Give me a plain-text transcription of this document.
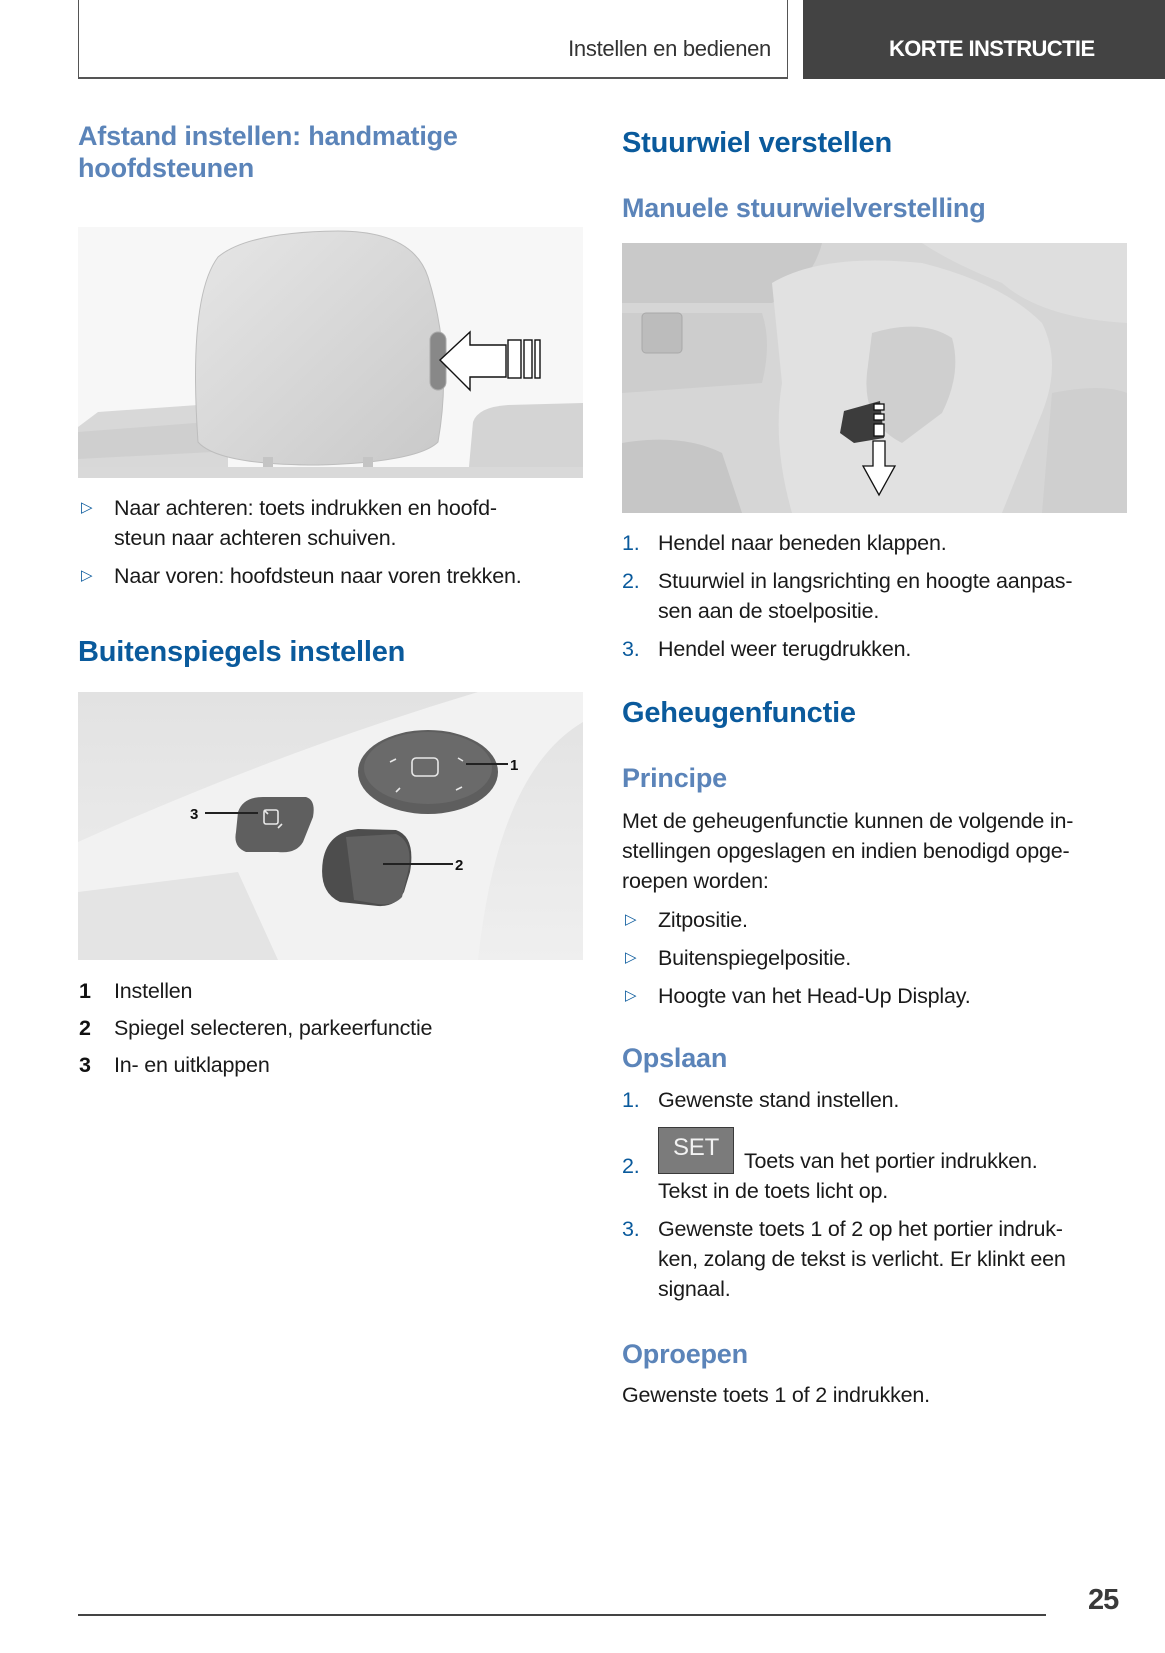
Instellen en bedienen	KORTE INSTRUCTIE
Afstand instellen: handmatige
hoofdsteunen
▷ Naar achteren: toets indrukken en hoofd-
steun naar achteren schuiven.
▷ Naar voren: hoofdsteun naar voren trekken.
Buitenspiegels instellen
1
3
2
1 Instellen
2 Spiegel selecteren, parkeerfunctie
3 In- en uitklappen
Stuurwiel verstellen
Manuele stuurwielverstelling
1. Hendel naar beneden klappen.
2. Stuurwiel in langsrichting en hoogte aanpas-
sen aan de stoelpositie.
3. Hendel weer terugdrukken.
Geheugenfunctie
Principe
Met de geheugenfunctie kunnen de volgende in-
stellingen opgeslagen en indien benodigd opge-
roepen worden:
▷ Zitpositie.
▷ Buitenspiegelpositie.
▷ Hoogte van het Head-Up Display.
Opslaan
1. Gewenste stand instellen.
2.
SET Toets van het portier indrukken.
Tekst in de toets licht op.
3. Gewenste toets 1 of 2 op het portier indruk-
ken, zolang de tekst is verlicht. Er klinkt een
signaal.
Oproepen
Gewenste toets 1 of 2 indrukken.
25
